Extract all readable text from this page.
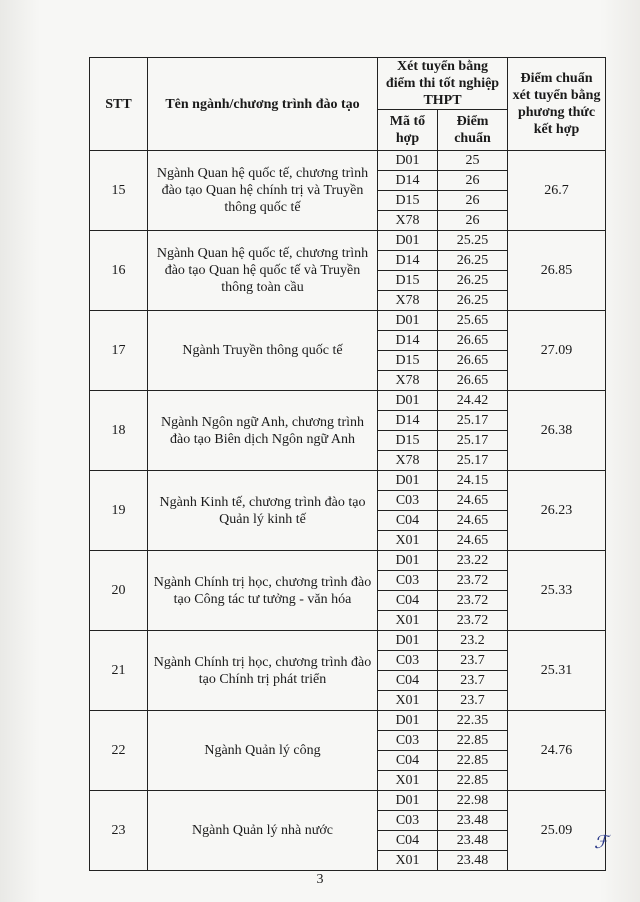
STT	Tên ngành/chương trình đào tạo	Xét tuyển bằng điểm thi tốt nghiệp THPT		Điểm chuẩn xét tuyển bằng phương thức kết hợp
		Mã tổ hợp	Điểm chuẩn	
15	Ngành Quan hệ quốc tế, chương trình đào tạo Quan hệ chính trị và Truyền thông quốc tế	D01	25	26.7
		D14	26	
		D15	26	
		X78	26	
16	Ngành Quan hệ quốc tế, chương trình đào tạo Quan hệ quốc tế và Truyền thông toàn cầu	D01	25.25	26.85
		D14	26.25	
		D15	26.25	
		X78	26.25	
17	Ngành Truyền thông quốc tế	D01	25.65	27.09
		D14	26.65	
		D15	26.65	
		X78	26.65	
18	Ngành Ngôn ngữ Anh, chương trình đào tạo Biên dịch Ngôn ngữ Anh	D01	24.42	26.38
		D14	25.17	
		D15	25.17	
		X78	25.17	
19	Ngành Kinh tế, chương trình đào tạo Quản lý kinh tế	D01	24.15	26.23
		C03	24.65	
		C04	24.65	
		X01	24.65	
20	Ngành Chính trị học, chương trình đào tạo Công tác tư tưởng - văn hóa	D01	23.22	25.33
		C03	23.72	
		C04	23.72	
		X01	23.72	
21	Ngành Chính trị học, chương trình đào tạo Chính trị phát triển	D01	23.2	25.31
		C03	23.7	
		C04	23.7	
		X01	23.7	
22	Ngành Quản lý công	D01	22.35	24.76
		C03	22.85	
		C04	22.85	
		X01	22.85	
23	Ngành Quản lý nhà nước	D01	22.98	25.09
		C03	23.48	
		C04	23.48	
		X01	23.48	
3
ℱ
